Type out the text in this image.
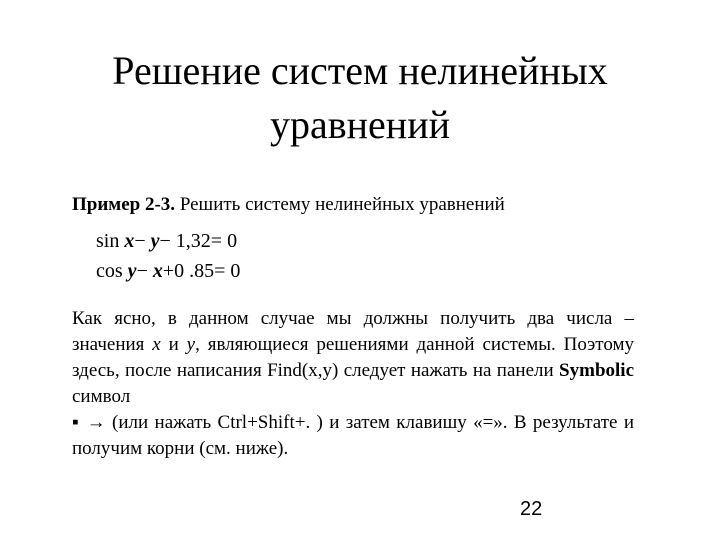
Решение систем нелинейных
уравнений
Пример 2-3. Решить систему нелинейных уравнений
sin x− y− 1,32= 0
cos y− x+0 .85= 0

Как ясно, в данном случае мы должны получить два числа – значения x и y, являющиеся решениями данной системы. Поэтому здесь, после написания Find(x,y) следует нажать на панели Symbolic символ

▪ → (или нажать Ctrl+Shift+. ) и затем клавишу «=». В результате и получим корни (см. ниже).

22
